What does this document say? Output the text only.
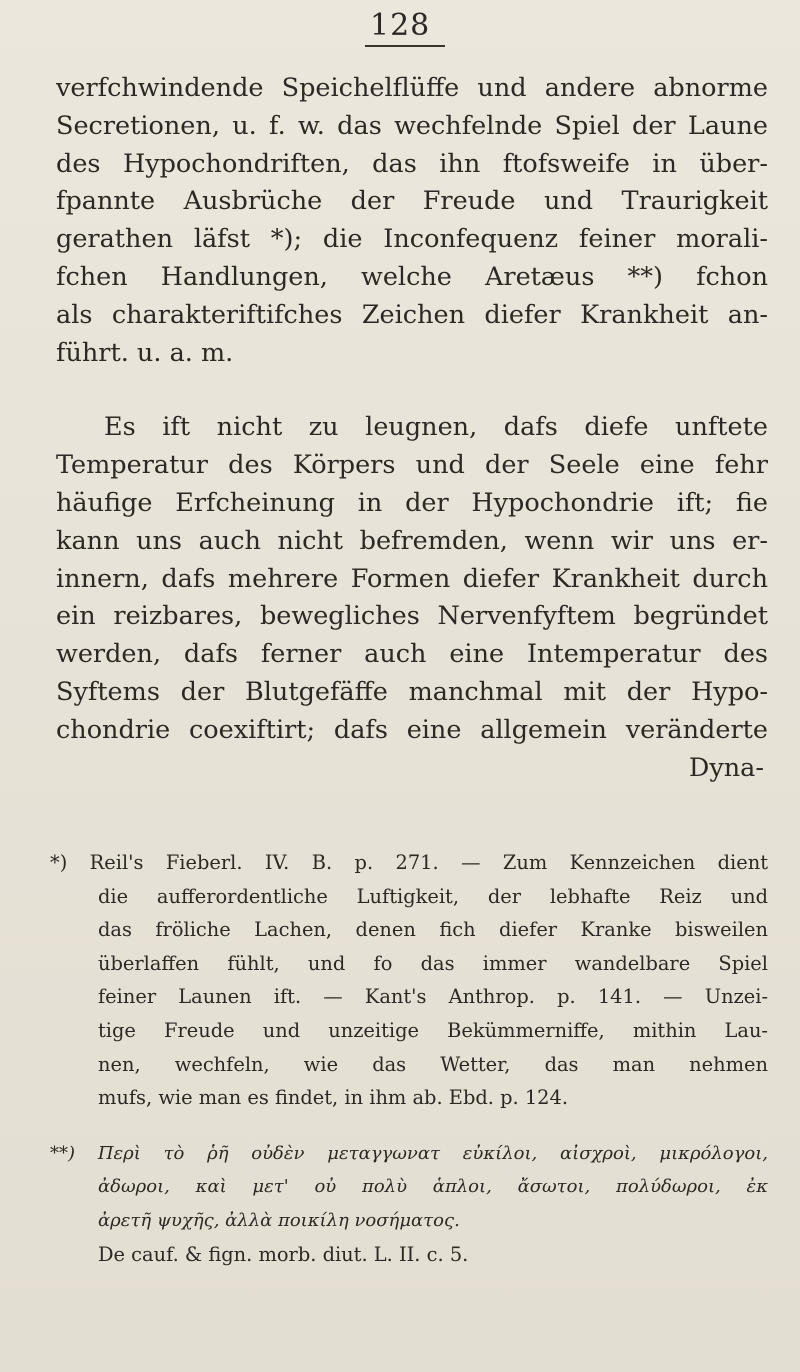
128
verfchwindende Speichelflüffe und andere abnorme
Secretionen, u. f. w. das wechfelnde Spiel der Laune
des Hypochondriften, das ihn ftofsweife in über-
fpannte Ausbrüche der Freude und Traurigkeit
gerathen läfst *); die Inconfequenz feiner morali-
fchen Handlungen, welche Aretæus **) fchon
als charakteriftifches Zeichen diefer Krankheit an-
führt. u. a. m.
Es ift nicht zu leugnen, dafs diefe unftete
Temperatur des Körpers und der Seele eine fehr
häufige Erfcheinung in der Hypochondrie ift; fie
kann uns auch nicht befremden, wenn wir uns er-
innern, dafs mehrere Formen diefer Krankheit durch
ein reizbares, bewegliches Nervenfyftem begründet
werden, dafs ferner auch eine Intemperatur des
Syftems der Blutgefäffe manchmal mit der Hypo-
chondrie coexiftirt; dafs eine allgemein veränderte
Dyna-
*) Reil's Fieberl. IV. B. p. 271. — Zum Kennzeichen dient
die aufferordentliche Luftigkeit, der lebhafte Reiz und
das fröliche Lachen, denen fich diefer Kranke bisweilen
überlaffen fühlt, und fo das immer wandelbare Spiel
feiner Launen ift. — Kant's Anthrop. p. 141. — Unzei-
tige Freude und unzeitige Bekümmerniffe, mithin Lau-
nen, wechfeln, wie das Wetter, das man nehmen
mufs, wie man es findet, in ihm ab. Ebd. p. 124.
**) Περὶ τὸ ῥῆ οὐδὲν μεταγγωνατ εὐκίλοι, αἰσχροὶ, μικρόλογοι,
ἀδωροι, καὶ μετ' οὐ πολὺ ἁπλοι, ἄσωτοι, πολύδωροι, ἐκ
ἀρετῆ ψυχῆς, ἀλλὰ ποικίλη νοσήματος.
De cauf. & fign. morb. diut. L. II. c. 5.
